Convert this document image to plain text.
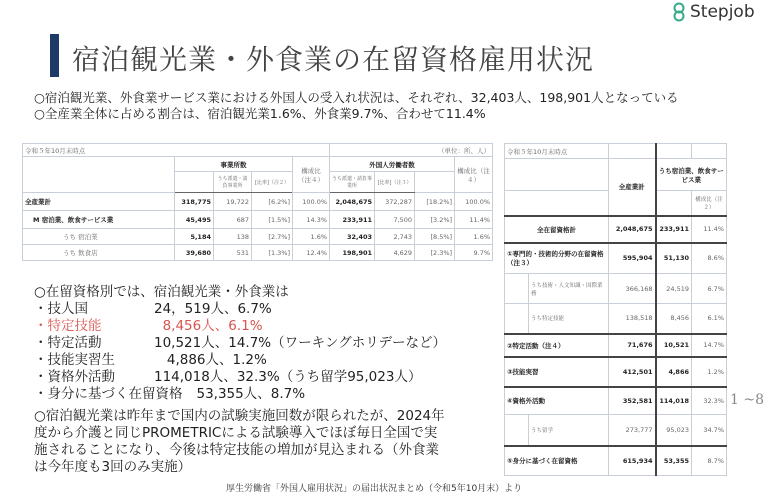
Stepjob
宿泊観光業・外食業の在留資格雇用状況
○宿泊観光業、外食業サービス業における外国人の受入れ状況は、それぞれ、32,403人、198,901人となっている
○全産業全体に占める割合は、宿泊観光業1.6%、外食業9.7%、合わせて11.4%
令和５年10月末時点					（単位：所、人）			
	事業所数			構成比（注４）	外国人労働者数			構成比（注４）
		うち派遣・請負事業所	[比率]（注２）		うち派遣・請負事業所	[比率]（注３）		
全産業計	318,775	19,722	[6.2%]	100.0%	2,048,675	372,287	[18.2%]	100.0%
M 宿泊業、飲食サービス業	45,495	687	[1.5%]	14.3%	233,911	7,500	[3.2%]	11.4%
うち 宿泊業	5,184	138	[2.7%]	1.6%	32,403	2,743	[8.5%]	1.6%
うち 飲食店	39,680	531	[1.3%]	12.4%	198,901	4,629	[2.3%]	9.7%
令和５年10月末時点				
		全産業計	うち宿泊業、飲食サービス業	
				構成比（注２）
全在留資格計		2,048,675	233,911	11.4%
①専門的・技術的分野の在留資格（注３）		595,904	51,130	8.6%
	うち技術・人文知識・国際業務	366,168	24,519	6.7%
	うち特定技能	138,518	8,456	6.1%
②特定活動（注４）		71,676	10,521	14.7%
③技能実習		412,501	4,866	1.2%
④資格外活動		352,581	114,018	32.3%
	うち留学	273,777	95,023	34.7%
⑤身分に基づく在留資格		615,934	53,355	8.7%
1 ~8
○在留資格別では、宿泊観光業・外食業は
・技人国	24，519人、6.7%
・特定技能	8,456人、6.1%
・特定活動	10,521人、14.7%（ワーキングホリデーなど）
・技能実習生	4,886人、1.2%
・資格外活動	114,018人、32.3%（うち留学95,023人）
・身分に基づく在留資格 53,355人、8.7%
○宿泊観光業は昨年まで国内の試験実施回数が限られたが、2024年度から介護と同じPROMETRICによる試験導入でほぼ毎日全国で実施されることになり、今後は特定技能の増加が見込まれる（外食業は今年度も3回のみ実施）
厚生労働省「外国人雇用状況」の届出状況まとめ（令和5年10月末）より
